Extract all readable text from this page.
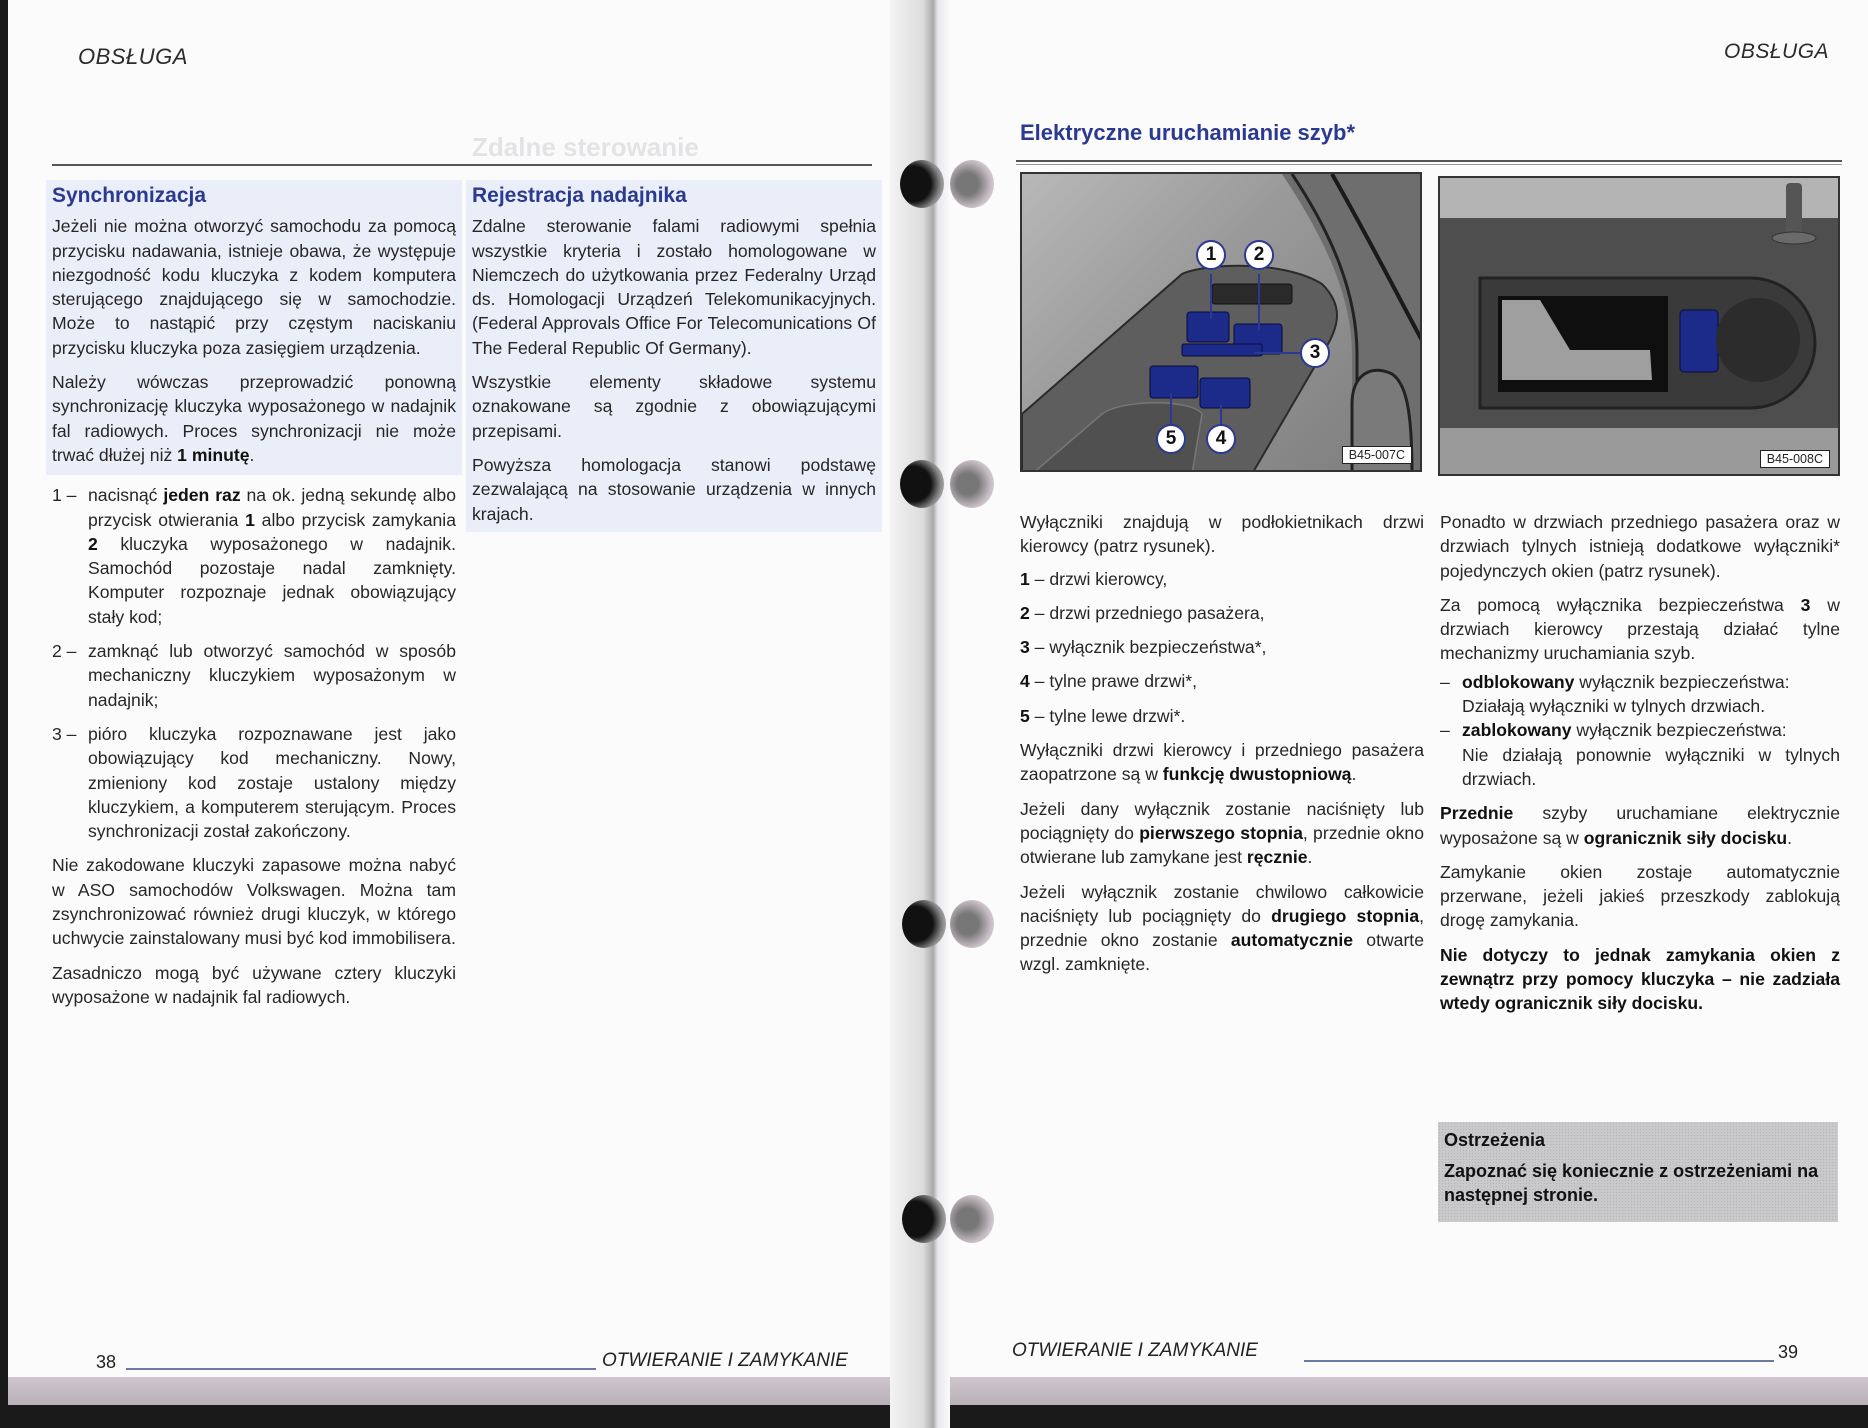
OBSŁUGA
Zdalne sterowanie
Synchronizacja

Jeżeli nie można otworzyć samochodu za pomocą przycisku nadawania, istnieje obawa, że występuje niezgodność kodu kluczyka z kodem komputera sterującego znajdującego się w samochodzie. Może to nastąpić przy częstym naciskaniu przycisku kluczyka poza zasięgiem urządzenia.

Należy wówczas przeprowadzić ponowną synchronizację kluczyka wyposażonego w nadajnik fal radiowych. Proces synchronizacji nie może trwać dłużej niż 1 minutę.

1 – nacisnąć jeden raz na ok. jedną sekundę albo przycisk otwierania 1 albo przycisk zamykania 2 kluczyka wyposażonego w nadajnik. Samochód pozostaje nadal zamknięty. Komputer rozpoznaje jednak obowiązujący stały kod;
2 – zamknąć lub otworzyć samochód w sposób mechaniczny kluczykiem wyposażonym w nadajnik;
3 – pióro kluczyka rozpoznawane jest jako obowiązujący kod mechaniczny. Nowy, zmieniony kod zostaje ustalony między kluczykiem, a komputerem sterującym. Proces synchronizacji został zakończony.

Nie zakodowane kluczyki zapasowe można nabyć w ASO samochodów Volkswagen. Można tam zsynchronizować również drugi kluczyk, w którego uchwycie zainstalowany musi być kod immobilisera.

Zasadniczo mogą być używane cztery kluczyki wyposażone w nadajnik fal radiowych.

Rejestracja nadajnika

Zdalne sterowanie falami radiowymi spełnia wszystkie kryteria i zostało homologowane w Niemczech do użytkowania przez Federalny Urząd ds. Homologacji Urządzeń Telekomunikacyjnych. (Federal Approvals Office For Telecomunications Of The Federal Republic Of Germany).

Wszystkie elementy składowe systemu oznakowane są zgodnie z obowiązującymi przepisami.

Powyższa homologacja stanowi podstawę zezwalającą na stosowanie urządzenia w innych krajach.

38	OTWIERANIE I ZAMYKANIE
OBSŁUGA
Elektryczne uruchamianie szyb*
1	2
3
4
5
B45-007C	B45-008C

Wyłączniki znajdują w podłokietnikach drzwi kierowcy (patrz rysunek).

1 – drzwi kierowcy,
2 – drzwi przedniego pasażera,
3 – wyłącznik bezpieczeństwa*,
4 – tylne prawe drzwi*,
5 – tylne lewe drzwi*.

Wyłączniki drzwi kierowcy i przedniego pasażera zaopatrzone są w funkcję dwustopniową.

Jeżeli dany wyłącznik zostanie naciśnięty lub pociągnięty do pierwszego stopnia, przednie okno otwierane lub zamykane jest ręcznie.

Jeżeli wyłącznik zostanie chwilowo całkowicie naciśnięty lub pociągnięty do drugiego stopnia, przednie okno zostanie automatycznie otwarte wzgl. zamknięte.

Ponadto w drzwiach przedniego pasażera oraz w drzwiach tylnych istnieją dodatkowe wyłączniki* pojedynczych okien (patrz rysunek).

Za pomocą wyłącznika bezpieczeństwa 3 w drzwiach kierowcy przestają działać tylne mechanizmy uruchamiania szyb.

– odblokowany wyłącznik bezpieczeństwa:
Działają wyłączniki w tylnych drzwiach.
– zablokowany wyłącznik bezpieczeństwa:
Nie działają ponownie wyłączniki w tylnych drzwiach.

Przednie szyby uruchamiane elektrycznie wyposażone są w ogranicznik siły docisku.

Zamykanie okien zostaje automatycznie przerwane, jeżeli jakieś przeszkody zablokują drogę zamykania.

Nie dotyczy to jednak zamykania okien z zewnątrz przy pomocy kluczyka – nie zadziała wtedy ogranicznik siły docisku.

Ostrzeżenia
Zapoznać się koniecznie z ostrzeżeniami na następnej stronie.
OTWIERANIE I ZAMYKANIE	39
